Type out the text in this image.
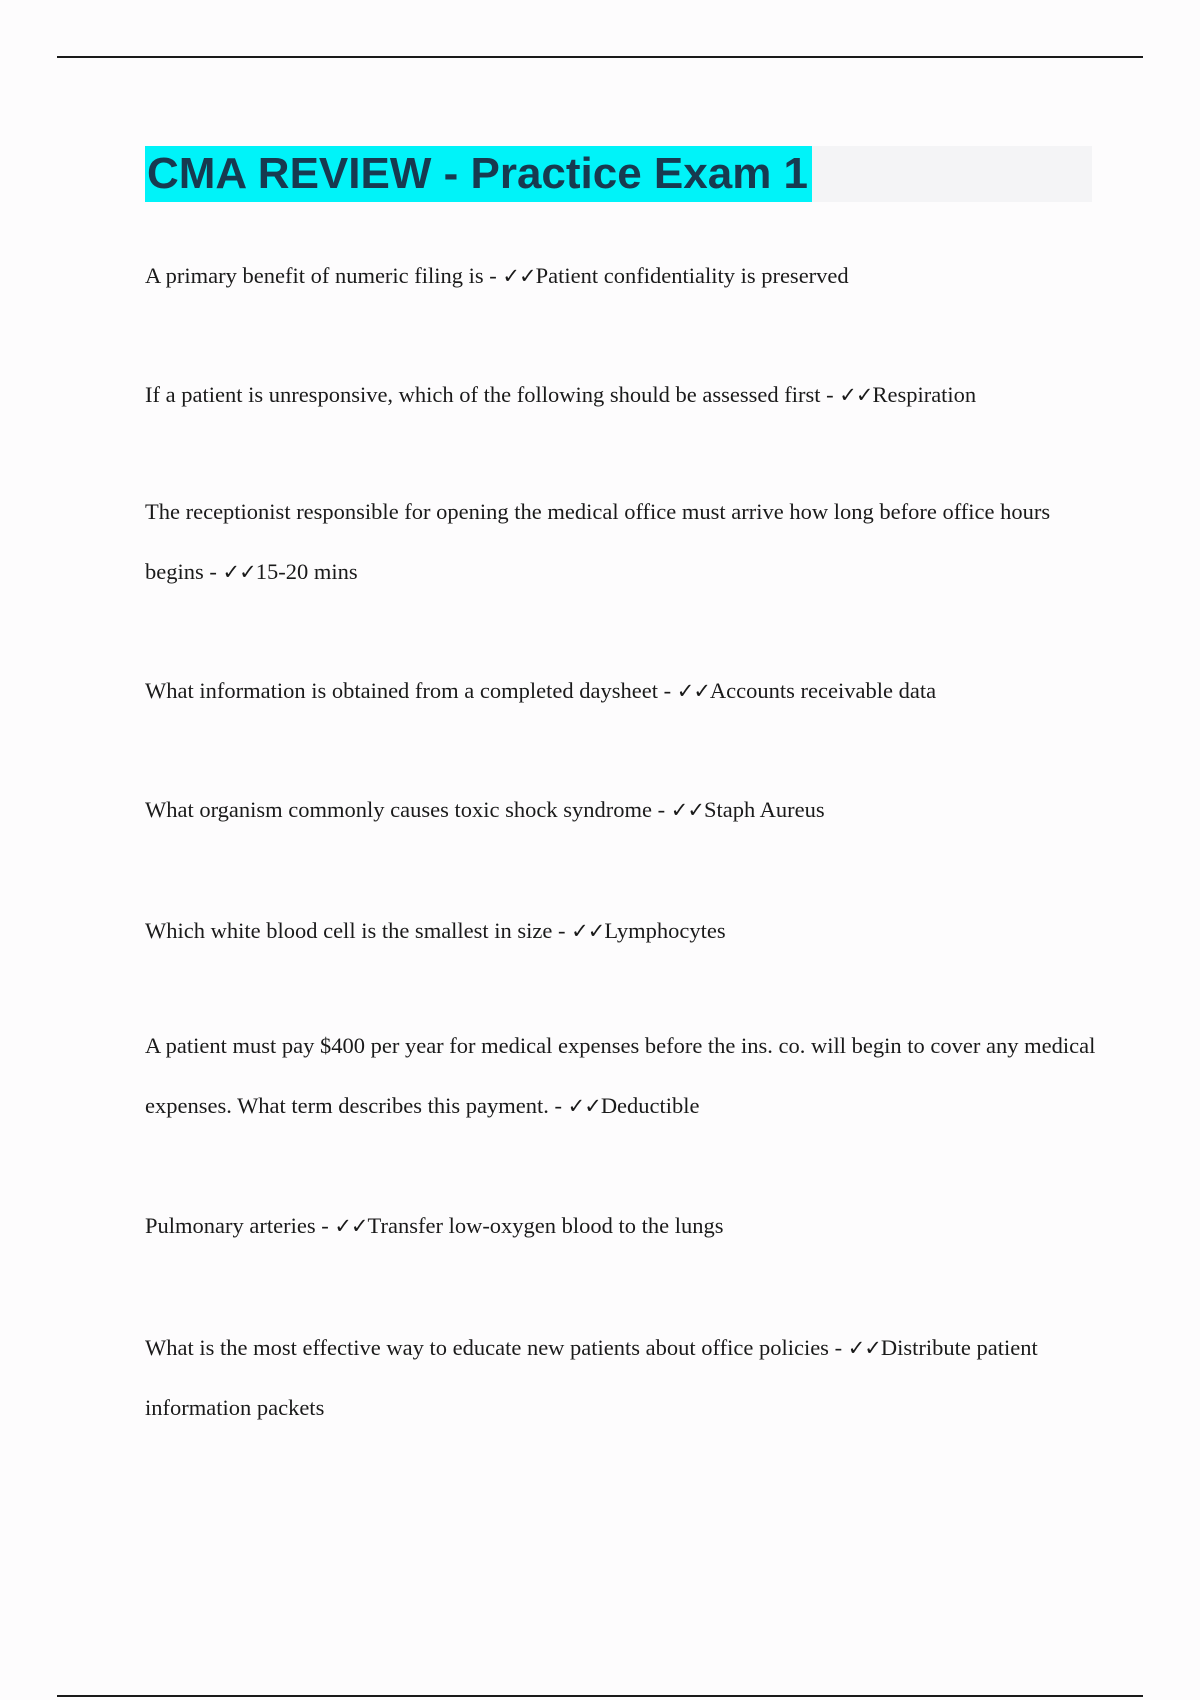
CMA REVIEW - Practice Exam 1

A primary benefit of numeric filing is - ✓✓Patient confidentiality is preserved

If a patient is unresponsive, which of the following should be assessed first - ✓✓Respiration

The receptionist responsible for opening the medical office must arrive how long before office hours begins - ✓✓15-20 mins

What information is obtained from a completed daysheet - ✓✓Accounts receivable data

What organism commonly causes toxic shock syndrome - ✓✓Staph Aureus

Which white blood cell is the smallest in size - ✓✓Lymphocytes

A patient must pay $400 per year for medical expenses before the ins. co. will begin to cover any medical expenses. What term describes this payment. - ✓✓Deductible

Pulmonary arteries - ✓✓Transfer low-oxygen blood to the lungs

What is the most effective way to educate new patients about office policies - ✓✓Distribute patient information packets
